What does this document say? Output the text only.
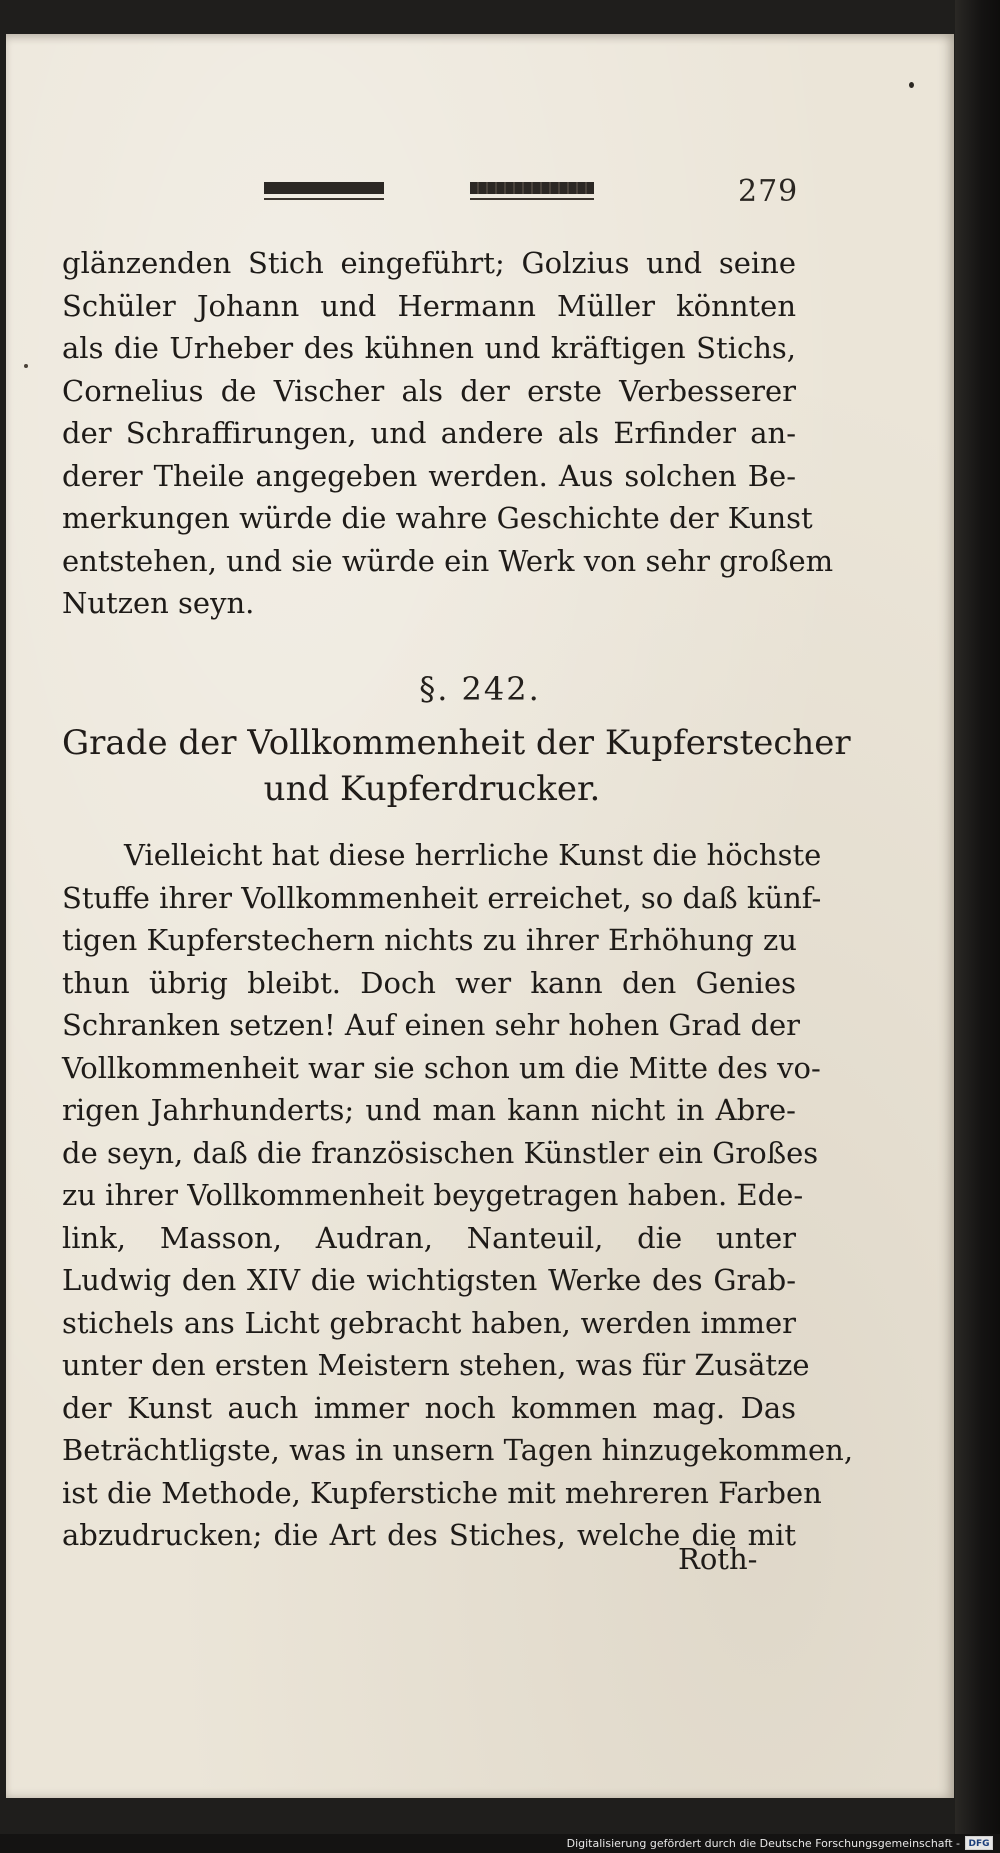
279
glänzenden Stich eingeführt; Golzius und seine
Schüler Johann und Hermann Müller könnten
als die Urheber des kühnen und kräftigen Stichs,
Cornelius de Vischer als der erste Verbesserer
der Schraffirungen, und andere als Erfinder an-
derer Theile angegeben werden. Aus solchen Be-
merkungen würde die wahre Geschichte der Kunst
entstehen, und sie würde ein Werk von sehr großem
Nutzen seyn.
§. 242.
Grade der Vollkommenheit der Kupferstecher
und Kupferdrucker.
Vielleicht hat diese herrliche Kunst die höchste
Stuffe ihrer Vollkommenheit erreichet, so daß künf-
tigen Kupferstechern nichts zu ihrer Erhöhung zu
thun übrig bleibt. Doch wer kann den Genies
Schranken setzen! Auf einen sehr hohen Grad der
Vollkommenheit war sie schon um die Mitte des vo-
rigen Jahrhunderts; und man kann nicht in Abre-
de seyn, daß die französischen Künstler ein Großes
zu ihrer Vollkommenheit beygetragen haben. Ede-
link, Masson, Audran, Nanteuil, die unter
Ludwig den XIV die wichtigsten Werke des Grab-
stichels ans Licht gebracht haben, werden immer
unter den ersten Meistern stehen, was für Zusätze
der Kunst auch immer noch kommen mag. Das
Beträchtligste, was in unsern Tagen hinzugekommen,
ist die Methode, Kupferstiche mit mehreren Farben
abzudrucken; die Art des Stiches, welche die mit
Roth-
Digitalisierung gefördert durch die Deutsche Forschungsgemeinschaft - DFG
